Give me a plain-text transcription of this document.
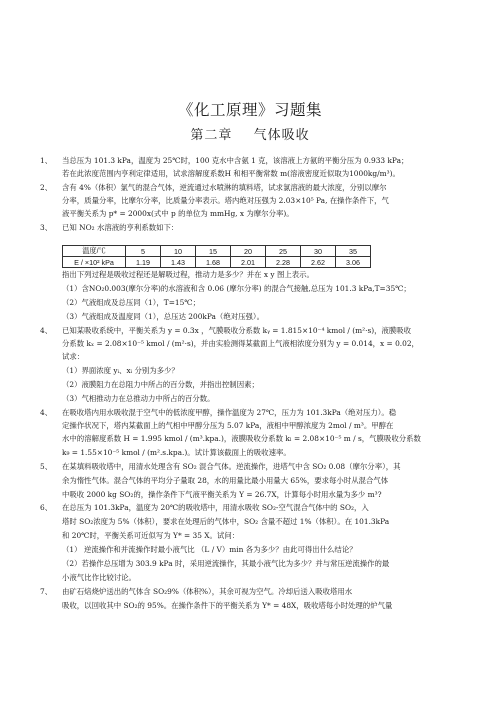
《化工原理》习题集
第二章 气体吸收
1、 当总压为 101.3 kPa，温度为 25℃时，100 克水中含氨 1 克，该溶液上方氨的平衡分压为 0.933 kPa；
若在此浓度范围内亨利定律适用，试求溶解度系数H 和相平衡常数 m(溶液密度近似取为1000kg/m³)。
2、 含有 4%（体积）氯气的混合气体，逆流通过水喷淋的填料塔，试求氯溶液的最大浓度，分别以摩尔
分率，质量分率，比摩尔分率，比质量分率表示。塔内绝对压强为 2.03×10⁵ Pa, 在操作条件下，气
液平衡关系为 p* = 2000x(式中 p 的单位为 mmHg, x 为摩尔分率)。
3、 已知 NO₂ 水溶液的亨利系数如下：
温度/℃	5	10	15	20	25	30	35
E / ×10² kPa	1.19	1.43	1.68	2.01	2.28	2.62	3.06
指出下列过程是吸收过程还是解吸过程，推动力是多少？并在 x y 图上表示。
（1）含NO₂0.003(摩尔分率)的水溶液和含 0.06 (摩尔分率) 的混合气接触,总压为 101.3 kPa,T=35℃；
（2）气液组成及总压同（1），T=15℃；
（3）气液组成及温度同（1），总压达 200kPa（绝对压强）。
4、 已知某吸收系统中，平衡关系为 y = 0.3x ，气膜吸收分系数 kᵧ = 1.815×10⁻⁴ kmol / (m²·s)，液膜吸收
分系数 kₓ = 2.08×10⁻⁵ kmol / (m²·s)，并由实验测得某截面上气液相浓度分别为 y = 0.014，x = 0.02，
试求：
（1）界面浓度 yᵢ、xᵢ 分别为多少？
（2）液膜阻力在总阻力中所占的百分数，并指出控制因素；
（3）气相推动力在总推动力中所占的百分数。
4、 在吸收塔内用水吸收混于空气中的低浓度甲醇，操作温度为 27℃，压力为 101.3kPa（绝对压力）。稳
定操作状况下，塔内某截面上的气相中甲醇分压为 5.07 kPa，液相中甲醇浓度为 2mol / m³。甲醇在
水中的溶解度系数 H = 1.995 kmol / (m³.kpa.)，液膜吸收分系数 kₗ = 2.08×10⁻⁵ m / s，气膜吸收分系数
k₉ = 1.55×10⁻⁵ kmol / (m².s.kpa.)。试计算该截面上的吸收速率。
5、 在某填料吸收塔中，用清水处理含有 SO₂ 混合气体。逆流操作，进塔气中含 SO₂ 0.08（摩尔分率），其
余为惰性气体。混合气体的平均分子量取 28，水的用量比最小用量大 65%，要求每小时从混合气体
中吸收 2000 kg SO₂的，操作条件下气液平衡关系为 Y = 26.7X，计算每小时用水量为多少 m³?
6、 在总压为 101.3kPa，温度为 20℃的吸收塔中，用清水吸收 SO₂-空气混合气体中的 SO₂，入
塔时 SO₂浓度为 5%（体积），要求在处理后的气体中，SO₂ 含量不超过 1%（体积）。在 101.3kPa
和 20℃时，平衡关系可近似写为 Y* = 35 X。试问：
（1） 逆流操作和并流操作时最小液气比 （L / V）min 各为多少？由此可得出什么结论？
（2）若操作总压增为 303.9 kPa 时，采用逆流操作，其最小液气比为多少？并与常压逆流操作的最
小液气比作比较讨论。
7、 由矿石焙烧炉送出的气体含 SO₂9%（体积%），其余可视为空气。冷却后送入吸收塔用水
吸收，以回收其中 SO₂的 95%。在操作条件下的平衡关系为 Y* = 48X，吸收塔每小时处理的炉气量
